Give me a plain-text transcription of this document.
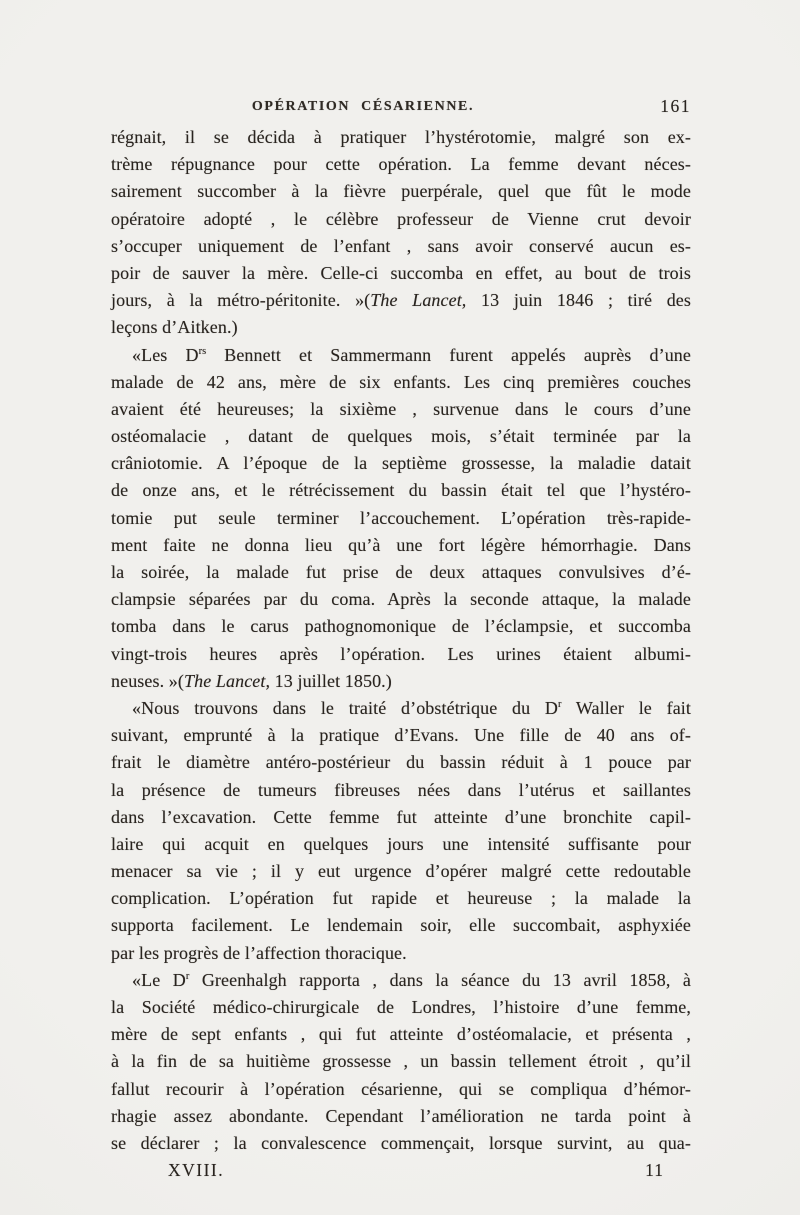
OPÉRATION CÉSARIENNE.	161
régnait, il se décida à pratiquer l’hystérotomie, malgré son ex-
trème répugnance pour cette opération. La femme devant néces-
sairement succomber à la fièvre puerpérale, quel que fût le mode
opératoire adopté , le célèbre professeur de Vienne crut devoir
s’occuper uniquement de l’enfant , sans avoir conservé aucun es-
poir de sauver la mère. Celle-ci succomba en effet, au bout de trois
jours, à la métro-péritonite. »(The Lancet, 13 juin 1846 ; tiré des
leçons d’Aitken.)
«Les $D^{rs}$ Bennett et Sammermann furent appelés auprès d’une
malade de 42 ans, mère de six enfants. Les cinq premières couches
avaient été heureuses; la sixième , survenue dans le cours d’une
ostéomalacie , datant de quelques mois, s’était terminée par la
crâniotomie. A l’époque de la septième grossesse, la maladie datait
de onze ans, et le rétrécissement du bassin était tel que l’hystéro-
tomie put seule terminer l’accouchement. L’opération très-rapide-
ment faite ne donna lieu qu’à une fort légère hémorrhagie. Dans
la soirée, la malade fut prise de deux attaques convulsives d’é-
clampsie séparées par du coma. Après la seconde attaque, la malade
tomba dans le carus pathognomonique de l’éclampsie, et succomba
vingt-trois heures après l’opération. Les urines étaient albumi-
neuses. »(The Lancet, 13 juillet 1850.)
«Nous trouvons dans le traité d’obstétrique du $D^r$ Waller le fait
suivant, emprunté à la pratique d’Evans. Une fille de 40 ans of-
frait le diamètre antéro-postérieur du bassin réduit à 1 pouce par
la présence de tumeurs fibreuses nées dans l’utérus et saillantes
dans l’excavation. Cette femme fut atteinte d’une bronchite capil-
laire qui acquit en quelques jours une intensité suffisante pour
menacer sa vie ; il y eut urgence d’opérer malgré cette redoutable
complication. L’opération fut rapide et heureuse ; la malade la
supporta facilement. Le lendemain soir, elle succombait, asphyxiée
par les progrès de l’affection thoracique.
«Le $D^r$ Greenhalgh rapporta , dans la séance du 13 avril 1858, à
la Société médico-chirurgicale de Londres, l’histoire d’une femme,
mère de sept enfants , qui fut atteinte d’ostéomalacie, et présenta ,
à la fin de sa huitième grossesse , un bassin tellement étroit , qu’il
fallut recourir à l’opération césarienne, qui se compliqua d’hémor-
rhagie assez abondante. Cependant l’amélioration ne tarda point à
se déclarer ; la convalescence commençait, lorsque survint, au qua-
XVIII.	11
